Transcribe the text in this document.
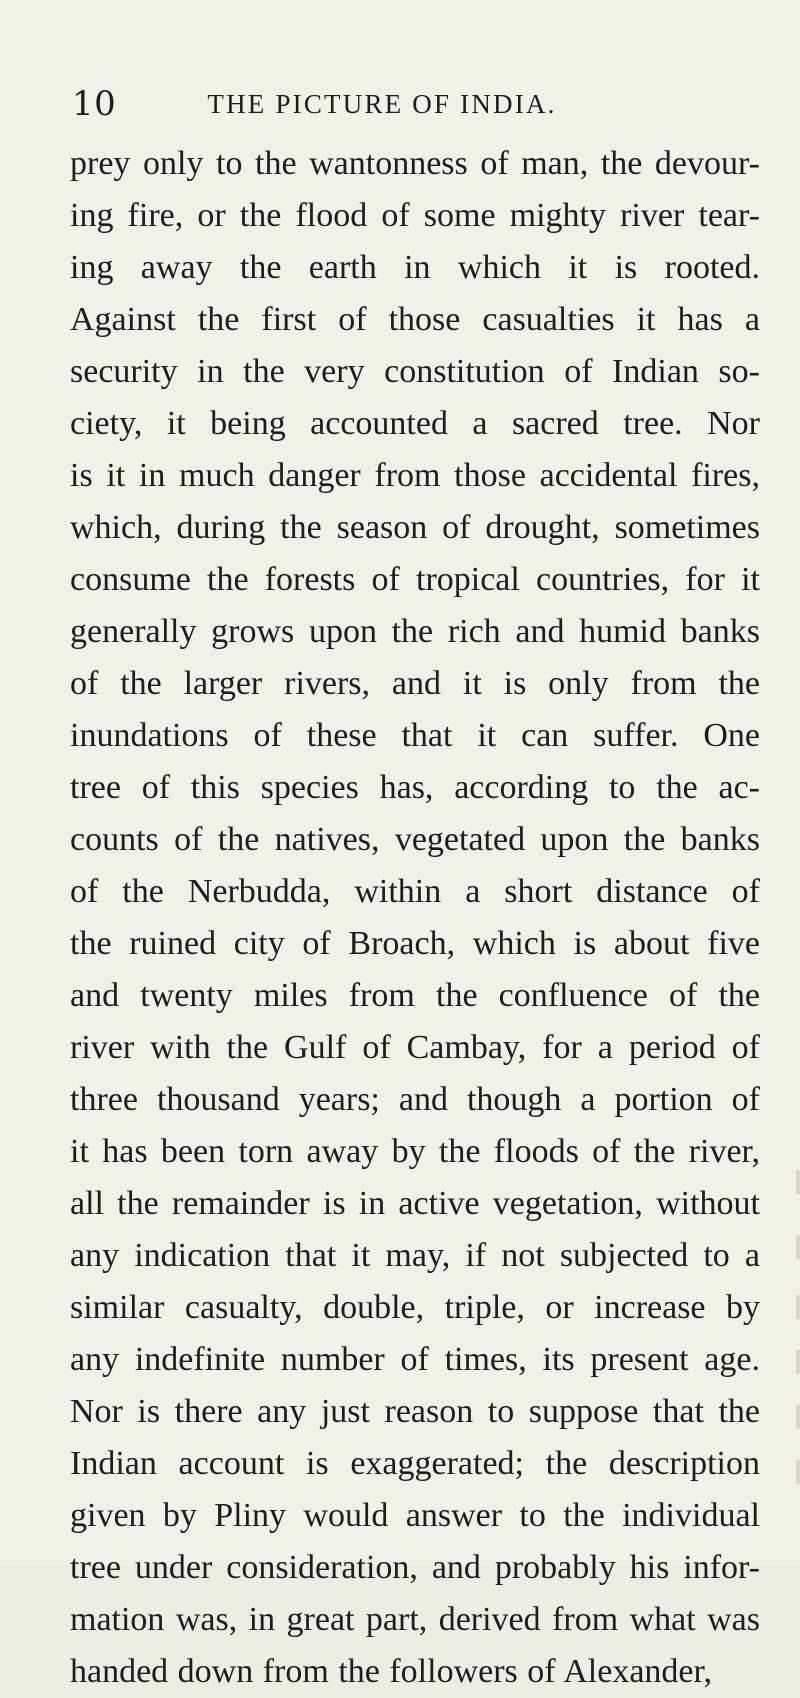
10	THE PICTURE OF INDIA.
prey only to the wantonness of man, the devour-
ing fire, or the flood of some mighty river tear-
ing away the earth in which it is rooted.
Against the first of those casualties it has a
security in the very constitution of Indian so-
ciety, it being accounted a sacred tree. Nor
is it in much danger from those accidental fires,
which, during the season of drought, sometimes
consume the forests of tropical countries, for it
generally grows upon the rich and humid banks
of the larger rivers, and it is only from the
inundations of these that it can suffer. One
tree of this species has, according to the ac-
counts of the natives, vegetated upon the banks
of the Nerbudda, within a short distance of
the ruined city of Broach, which is about five
and twenty miles from the confluence of the
river with the Gulf of Cambay, for a period of
three thousand years; and though a portion of
it has been torn away by the floods of the river,
all the remainder is in active vegetation, without
any indication that it may, if not subjected to a
similar casualty, double, triple, or increase by
any indefinite number of times, its present age.
Nor is there any just reason to suppose that the
Indian account is exaggerated; the description
given by Pliny would answer to the individual
tree under consideration, and probably his infor-
mation was, in great part, derived from what was
handed down from the followers of Alexander,
